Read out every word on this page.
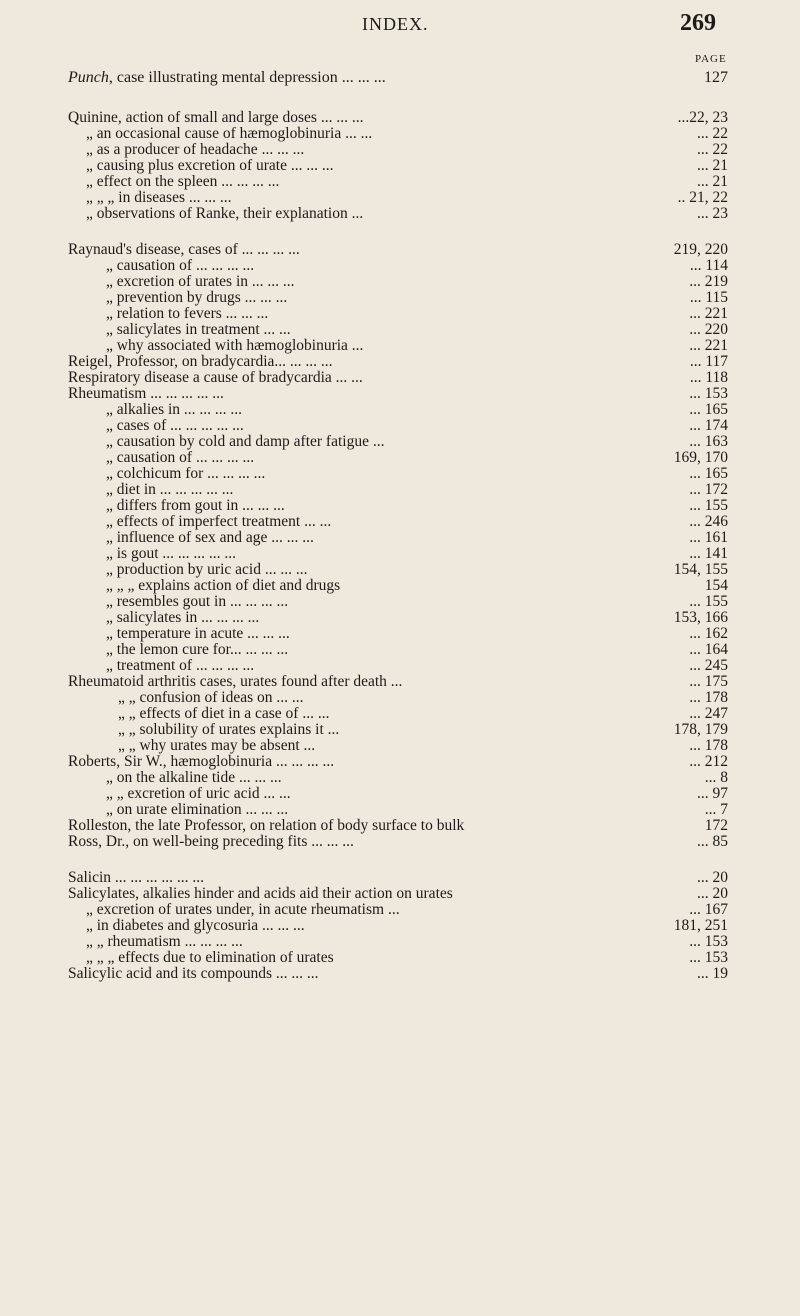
INDEX.	269
PAGE
Punch, case illustrating mental depression ... ... ...	127
Quinine, action of small and large doses ... ... ...	...22, 23
„ an occasional cause of hæmoglobinuria ... ...	... 22
„ as a producer of headache ... ... ...	... 22
„ causing plus excretion of urate ... ... ...	... 21
„ effect on the spleen ... ... ... ...	... 21
„ „ „ in diseases ... ... ...	.. 21, 22
„ observations of Ranke, their explanation ...	... 23
Raynaud's disease, cases of ... ... ... ...	219, 220
„ causation of ... ... ... ...	... 114
„ excretion of urates in ... ... ...	... 219
„ prevention by drugs ... ... ...	... 115
„ relation to fevers ... ... ...	... 221
„ salicylates in treatment ... ...	... 220
„ why associated with hæmoglobinuria ...	... 221
Reigel, Professor, on bradycardia... ... ... ...	... 117
Respiratory disease a cause of bradycardia ... ...	... 118
Rheumatism ... ... ... ... ...	... 153
„ alkalies in ... ... ... ...	... 165
„ cases of ... ... ... ... ...	... 174
„ causation by cold and damp after fatigue ...	... 163
„ causation of ... ... ... ...	169, 170
„ colchicum for ... ... ... ...	... 165
„ diet in ... ... ... ... ...	... 172
„ differs from gout in ... ... ...	... 155
„ effects of imperfect treatment ... ...	... 246
„ influence of sex and age ... ... ...	... 161
„ is gout ... ... ... ... ...	... 141
„ production by uric acid ... ... ...	154, 155
„ „ „ explains action of diet and drugs	154
„ resembles gout in ... ... ... ...	... 155
„ salicylates in ... ... ... ...	153, 166
„ temperature in acute ... ... ...	... 162
„ the lemon cure for... ... ... ...	... 164
„ treatment of ... ... ... ...	... 245
Rheumatoid arthritis cases, urates found after death ...	... 175
„ „ confusion of ideas on ... ...	... 178
„ „ effects of diet in a case of ... ...	... 247
„ „ solubility of urates explains it ...	178, 179
„ „ why urates may be absent ...	... 178
Roberts, Sir W., hæmoglobinuria ... ... ... ...	... 212
„ on the alkaline tide ... ... ...	... 8
„ „ excretion of uric acid ... ...	... 97
„ on urate elimination ... ... ...	... 7
Rolleston, the late Professor, on relation of body surface to bulk	172
Ross, Dr., on well-being preceding fits ... ... ...	... 85
Salicin ... ... ... ... ... ...	... 20
Salicylates, alkalies hinder and acids aid their action on urates	... 20
„ excretion of urates under, in acute rheumatism ...	... 167
„ in diabetes and glycosuria ... ... ...	181, 251
„ „ rheumatism ... ... ... ...	... 153
„ „ „ effects due to elimination of urates	... 153
Salicylic acid and its compounds ... ... ...	... 19
